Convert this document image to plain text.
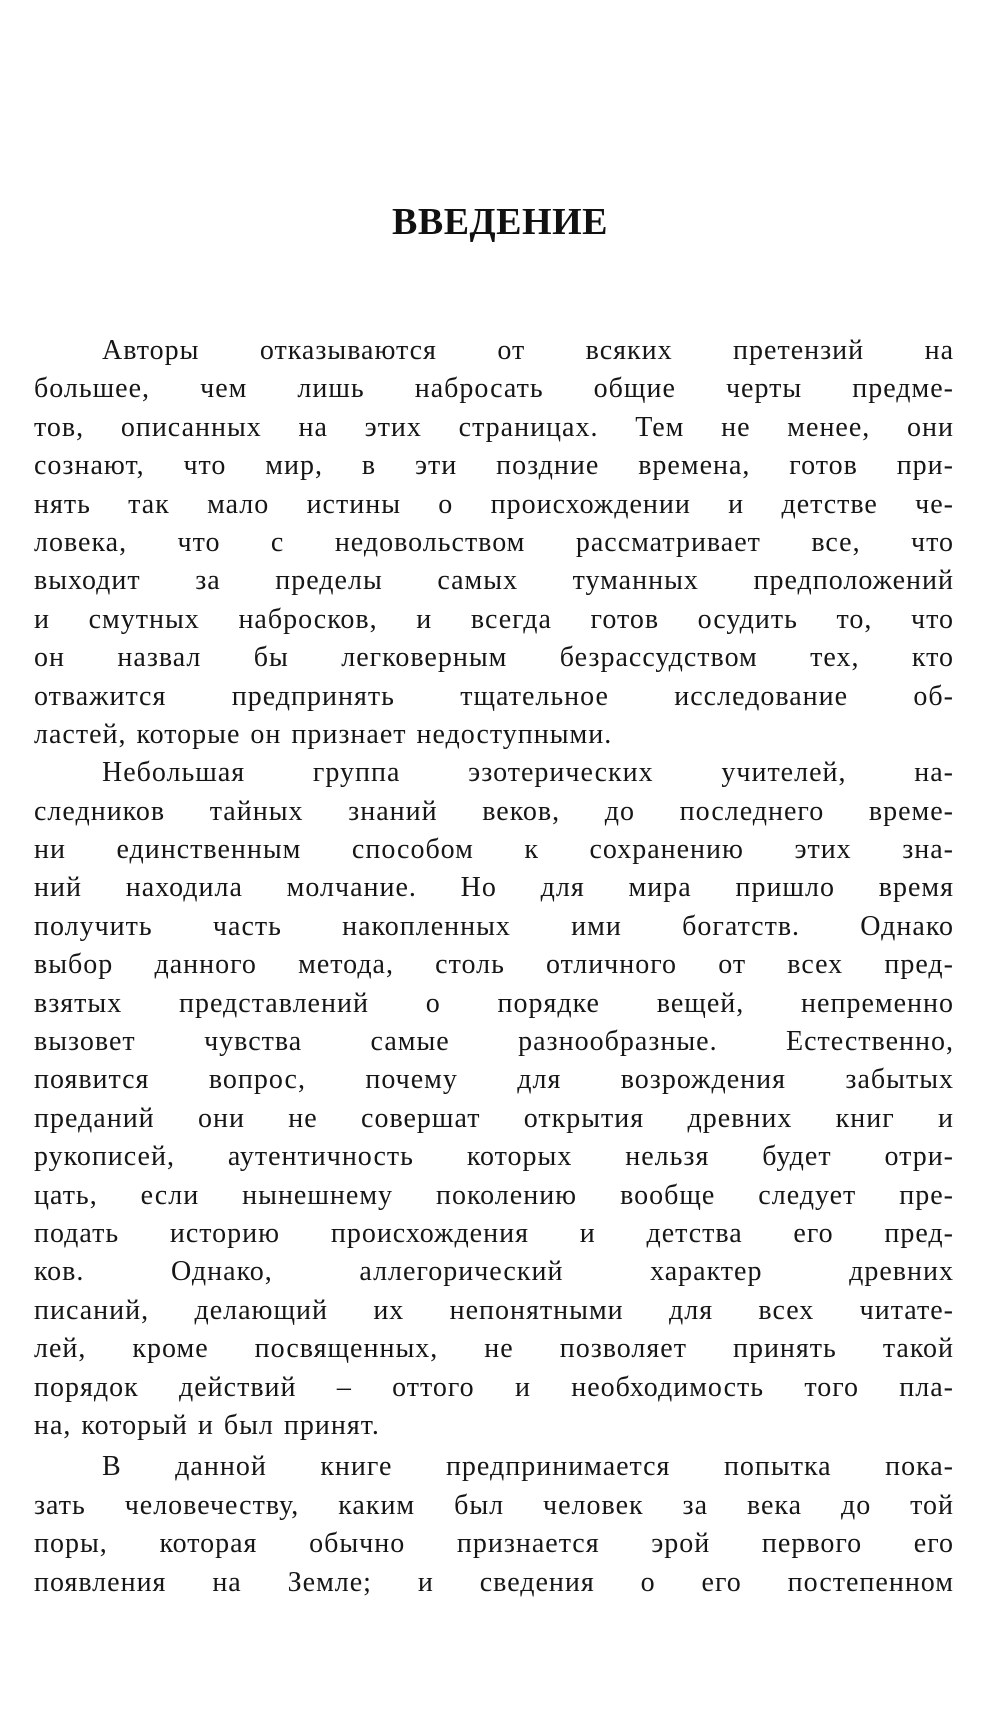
ВВЕДЕНИЕ
Авторы отказываются от всяких претензий на
большее, чем лишь набросать общие черты предме-
тов, описанных на этих страницах. Тем не менее, они
сознают, что мир, в эти поздние времена, готов при-
нять так мало истины о происхождении и детстве че-
ловека, что с недовольством рассматривает все, что
выходит за пределы самых туманных предположений
и смутных набросков, и всегда готов осудить то, что
он назвал бы легковерным безрассудством тех, кто
отважится предпринять тщательное исследование об-
ластей, которые он признает недоступными.
Небольшая группа эзотерических учителей, на-
следников тайных знаний веков, до последнего време-
ни единственным способом к сохранению этих зна-
ний находила молчание. Но для мира пришло время
получить часть накопленных ими богатств. Однако
выбор данного метода, столь отличного от всех пред-
взятых представлений о порядке вещей, непременно
вызовет чувства самые разнообразные. Естественно,
появится вопрос, почему для возрождения забытых
преданий они не совершат открытия древних книг и
рукописей, аутентичность которых нельзя будет отри-
цать, если нынешнему поколению вообще следует пре-
подать историю происхождения и детства его пред-
ков. Однако, аллегорический характер древних
писаний, делающий их непонятными для всех читате-
лей, кроме посвященных, не позволяет принять такой
порядок действий – оттого и необходимость того пла-
на, который и был принят.
В данной книге предпринимается попытка пока-
зать человечеству, каким был человек за века до той
поры, которая обычно признается эрой первого его
появления на Земле; и сведения о его постепенном
